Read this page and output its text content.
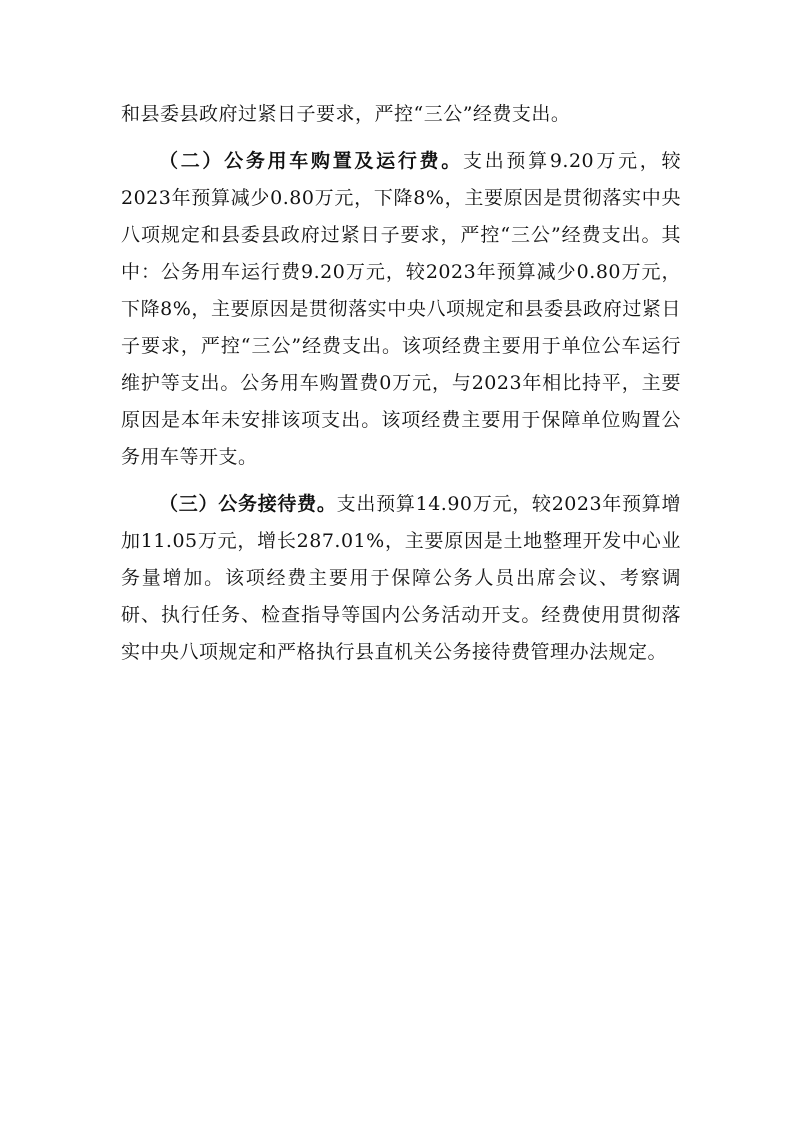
和县委县政府过紧日子要求，严控“三公”经费支出。

（二）公务用车购置及运行费。支出预算9.20万元，较2023年预算减少0.80万元，下降8%，主要原因是贯彻落实中央八项规定和县委县政府过紧日子要求，严控“三公”经费支出。其中：公务用车运行费9.20万元，较2023年预算减少0.80万元，下降8%，主要原因是贯彻落实中央八项规定和县委县政府过紧日子要求，严控“三公”经费支出。该项经费主要用于单位公车运行维护等支出。公务用车购置费0万元，与2023年相比持平，主要原因是本年未安排该项支出。该项经费主要用于保障单位购置公务用车等开支。

（三）公务接待费。支出预算14.90万元，较2023年预算增加11.05万元，增长287.01%，主要原因是土地整理开发中心业务量增加。该项经费主要用于保障公务人员出席会议、考察调研、执行任务、检查指导等国内公务活动开支。经费使用贯彻落实中央八项规定和严格执行县直机关公务接待费管理办法规定。
